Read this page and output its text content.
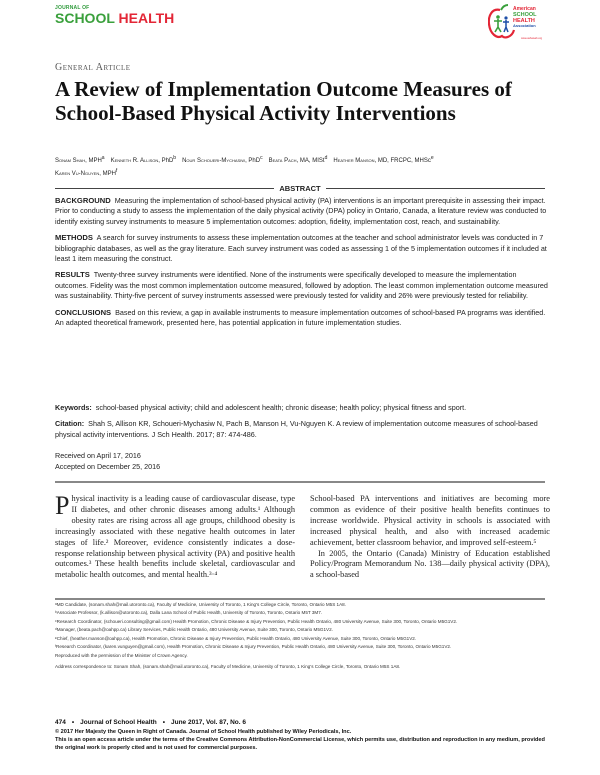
JOURNAL OF
SCHOOL HEALTH
American
SCHOOL
HEALTH
Association
www.ashaweb.org
General Article
A Review of Implementation Outcome Measures of School-Based Physical Activity Interventions
Sonam Shah, MPH$^a$ Kenneth R. Allison, PhD$^b$ Nour Schoueri-Mychasiw, PhD$^c$ Beata Pach, MA, MISt$^d$ Heather Manson, MD, FRCPC, MHSc$^e$
Karen Vu-Nguyen, MPH$^f$
ABSTRACT

BACKGROUND Measuring the implementation of school-based physical activity (PA) interventions is an important prerequisite in assessing their impact. Prior to conducting a study to assess the implementation of the daily physical activity (DPA) policy in Ontario, Canada, a literature review was conducted to identify existing survey instruments to measure 5 implementation outcomes: adoption, fidelity, implementation cost, reach, and sustainability.

METHODS A search for survey instruments to assess these implementation outcomes at the teacher and school administrator levels was conducted in 7 bibliographic databases, as well as the gray literature. Each survey instrument was coded as assessing 1 of the 5 implementation outcomes if it included at least 1 item measuring the construct.

RESULTS Twenty-three survey instruments were identified. None of the instruments were specifically developed to measure the implementation outcomes. Fidelity was the most common implementation outcome measured, followed by adoption. The least common implementation outcome measured was sustainability. Thirty-five percent of survey instruments assessed were previously tested for validity and 26% were previously tested for reliability.

CONCLUSIONS Based on this review, a gap in available instruments to measure implementation outcomes of school-based PA programs was identified. An adapted theoretical framework, presented here, has potential application in future implementation studies.

Keywords: school-based physical activity; child and adolescent health; chronic disease; health policy; physical fitness and sport.

Citation: Shah S, Allison KR, Schoueri-Mychasiw N, Pach B, Manson H, Vu-Nguyen K. A review of implementation outcome measures of school-based physical activity interventions. J Sch Health. 2017; 87: 474-486.

Received on April 17, 2016
Accepted on December 25, 2016
Physical inactivity is a leading cause of cardiovascular disease, type II diabetes, and other chronic diseases among adults.¹ Although obesity rates are rising across all age groups, childhood obesity is increasingly associated with these negative health outcomes in later stages of life.² Moreover, evidence consistently indicates a dose-response relationship between physical activity (PA) and positive health outcomes.³ These health benefits include skeletal, cardiovascular and metabolic health outcomes, and mental health.³·⁴

School-based PA interventions and initiatives are becoming more common as evidence of their positive health benefits continues to increase worldwide. Physical activity in schools is associated with increased physical health, and also with increased academic achievement, better classroom behavior, and improved self-esteem.⁵

In 2005, the Ontario (Canada) Ministry of Education established Policy/Program Memorandum No. 138—daily physical activity (DPA), a school-based

ᵃMD Candidate, (sonam.shah@mail.utoronto.ca), Faculty of Medicine, University of Toronto, 1 King's College Circle, Toronto, Ontario M5S 1A8.

ᵇAssociate Professor, (k.allison@utoronto.ca), Dalla Lana School of Public Health, University of Toronto, Toronto, Ontario M5T 3M7.

ᶜResearch Coordinator, (schoueri.consulting@gmail.com) Health Promotion, Chronic Disease & Injury Prevention, Public Health Ontario, 480 University Avenue, Suite 300, Toronto, Ontario M5G1V2.

ᵈManager, (beata.pach@oahpp.ca) Library Services, Public Health Ontario, 480 University Avenue, Suite 300, Toronto, Ontario M5G1V2.

ᵉChief, (heather.manson@oahpp.ca), Health Promotion, Chronic Disease & Injury Prevention, Public Health Ontario, 480 University Avenue, Suite 300, Toronto, Ontario M5G1V2.

ᶠResearch Coordinator, (karen.vunguyen@gmail.com), Health Promotion, Chronic Disease & Injury Prevention, Public Health Ontario, 480 University Avenue, Suite 300, Toronto, Ontario M5G1V2.

Reproduced with the permission of the Minister of Crown Agency.

Address correspondence to: Sonam Shah, (sonam.shah@mail.utoronto.ca), Faculty of Medicine, University of Toronto, 1 King's College Circle, Toronto, Ontario M5S 1A8.

474 • Journal of School Health • June 2017, Vol. 87, No. 6
© 2017 Her Majesty the Queen in Right of Canada. Journal of School Health published by Wiley Periodicals, Inc.
This is an open access article under the terms of the Creative Commons Attribution-NonCommercial License, which permits use, distribution and reproduction in any medium, provided the original work is properly cited and is not used for commercial purposes.
